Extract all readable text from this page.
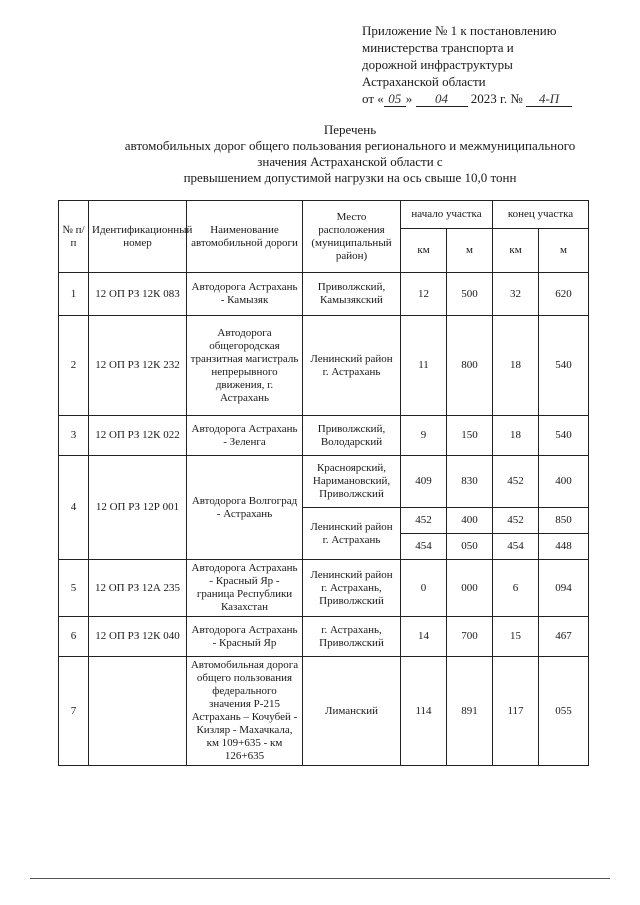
Приложение № 1 к постановлению
министерства транспорта и
дорожной инфраструктуры
Астраханской области
от « 05 » 04 2023 г. № 4-П
Перечень
автомобильных дорог общего пользования регионального и межмуниципального
значения Астраханской области с
превышением допустимой нагрузки на ось свыше 10,0 тонн
№ п/п	Идентификационный номер	Наименование автомобильной дороги	Место расположения (муниципальный район)	начало участка		конец участка	
				км	м	км	м
1	12 ОП РЗ 12К 083	Автодорога Астрахань - Камызяк	Приволжский, Камызякский	12	500	32	620
2	12 ОП РЗ 12К 232	Автодорога общегородская транзитная магистраль непрерывного движения, г. Астрахань	Ленинский район г. Астрахань	11	800	18	540
3	12 ОП РЗ 12К 022	Автодорога Астрахань - Зеленга	Приволжский, Володарский	9	150	18	540
4	12 ОП РЗ 12Р 001	Автодорога Волгоград - Астрахань	Красноярский, Наримановский, Приволжский	409	830	452	400
			Ленинский район г. Астрахань	452	400	452	850
				454	050	454	448
5	12 ОП РЗ 12А 235	Автодорога Астрахань - Красный Яр - граница Республики Казахстан	Ленинский район г. Астрахань, Приволжский	0	000	6	094
6	12 ОП РЗ 12К 040	Автодорога Астрахань - Красный Яр	г. Астрахань, Приволжский	14	700	15	467
7		Автомобильная дорога общего пользования федерального значения Р-215 Астрахань – Кочубей - Кизляр - Махачкала, км 109+635 - км 126+635	Лиманский	114	891	117	055
